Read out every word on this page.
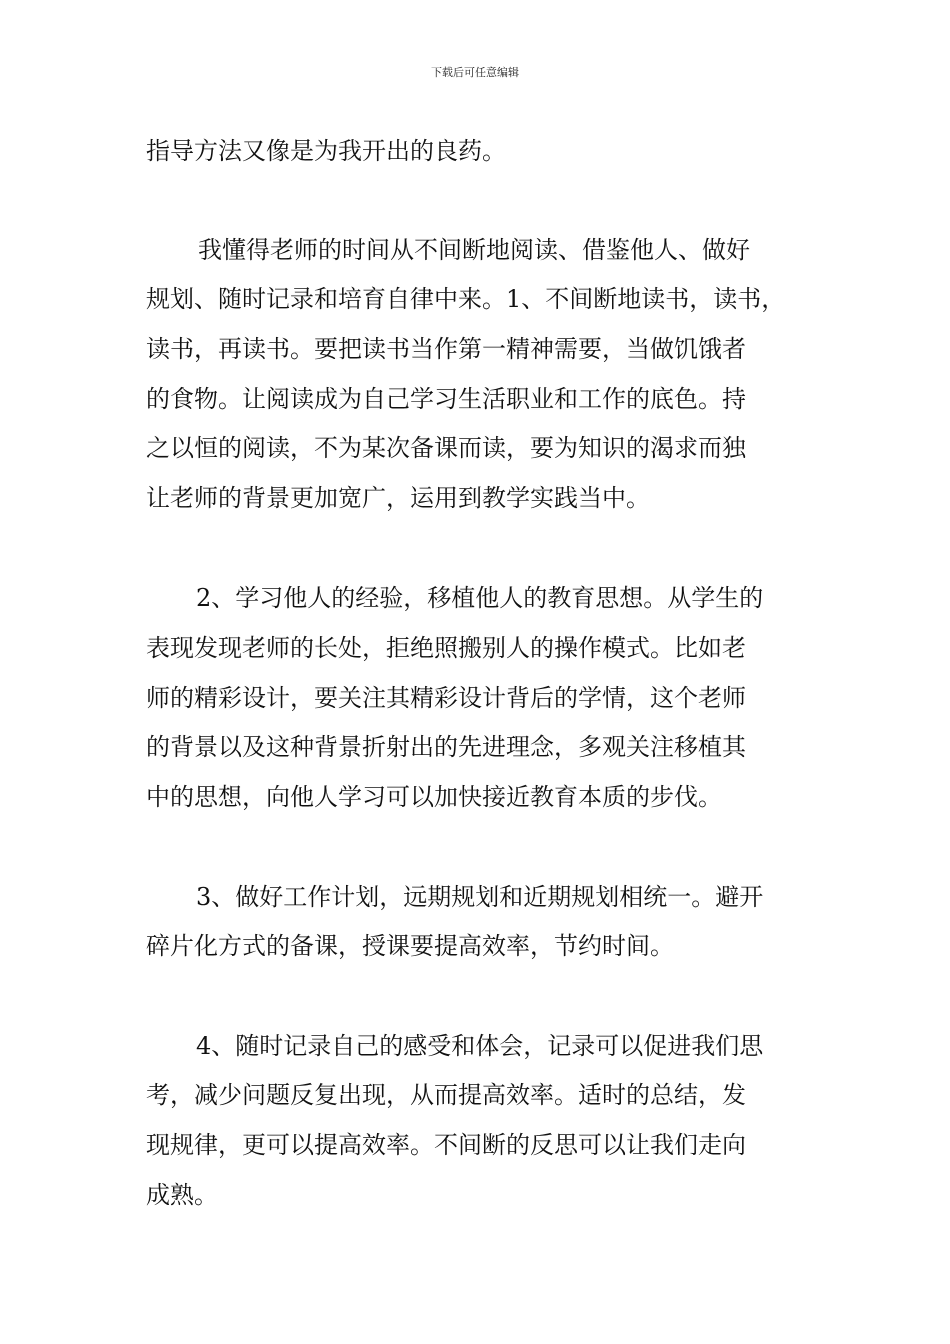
下载后可任意编辑
指导方法又像是为我开出的良药。
我懂得老师的时间从不间断地阅读、借鉴他人、做好
规划、随时记录和培育自律中来。1、不间断地读书，读书，
读书，再读书。要把读书当作第一精神需要，当做饥饿者
的食物。让阅读成为自己学习生活职业和工作的底色。持
之以恒的阅读，不为某次备课而读，要为知识的渴求而独
让老师的背景更加宽广，运用到教学实践当中。
2、学习他人的经验，移植他人的教育思想。从学生的
表现发现老师的长处，拒绝照搬别人的操作模式。比如老
师的精彩设计，要关注其精彩设计背后的学情，这个老师
的背景以及这种背景折射出的先进理念，多观关注移植其
中的思想，向他人学习可以加快接近教育本质的步伐。
3、做好工作计划，远期规划和近期规划相统一。避开
碎片化方式的备课，授课要提高效率，节约时间。
4、随时记录自己的感受和体会，记录可以促进我们思
考，减少问题反复出现，从而提高效率。适时的总结，发
现规律，更可以提高效率。不间断的反思可以让我们走向
成熟。
